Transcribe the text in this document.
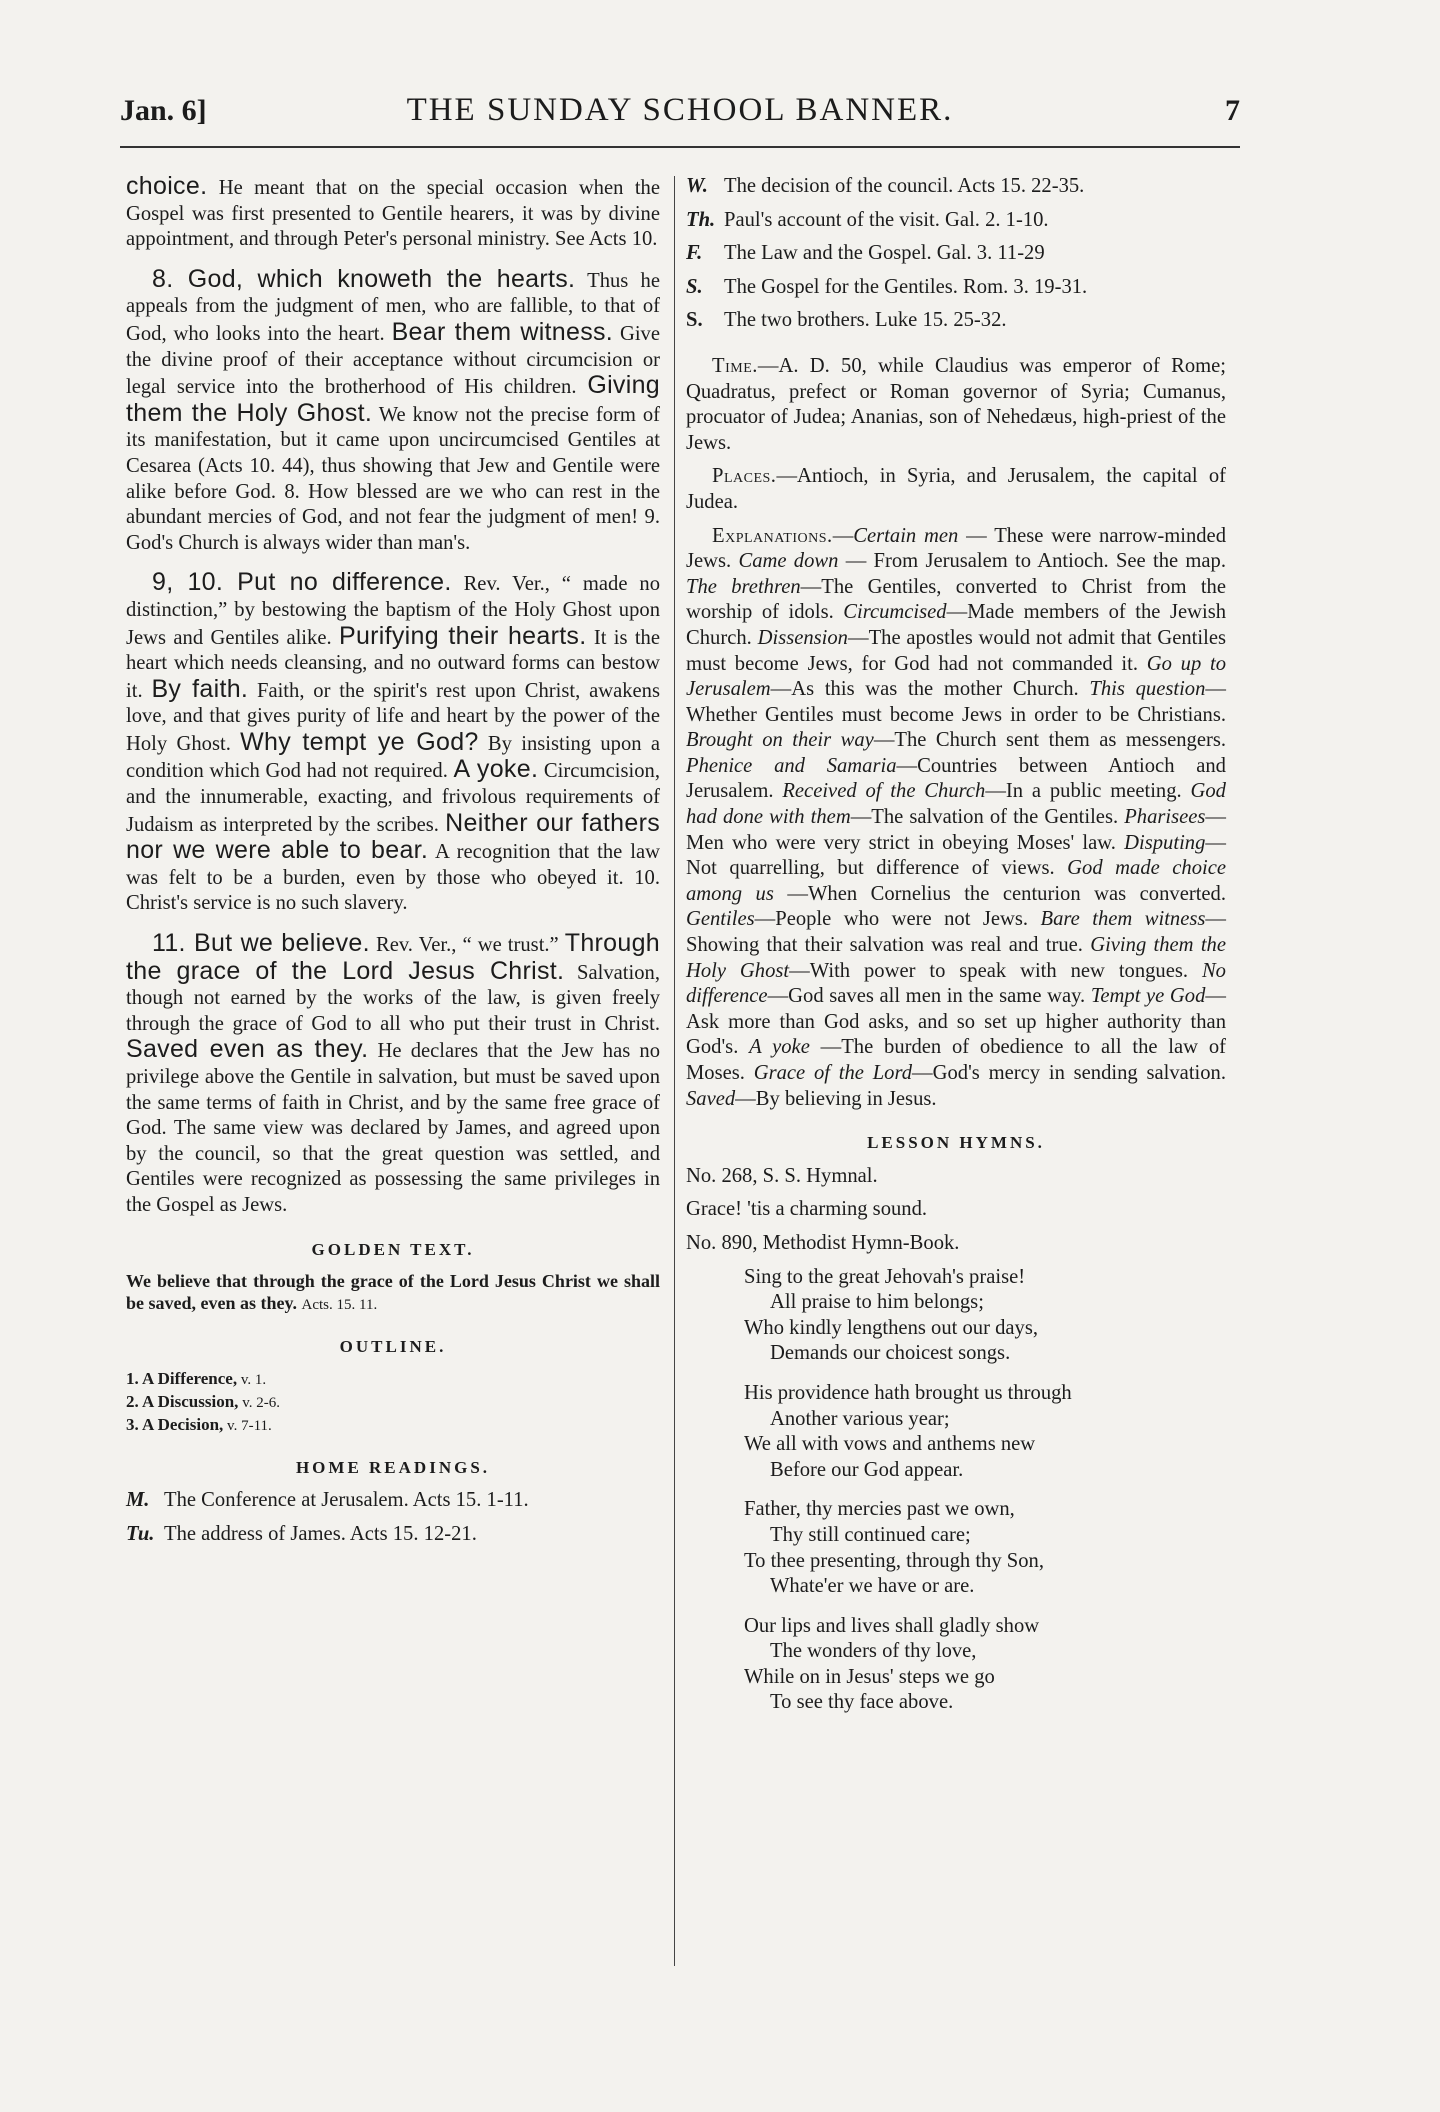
Jan. 6]	THE SUNDAY SCHOOL BANNER.	7

choice. He meant that on the special occasion when the Gospel was first presented to Gentile hearers, it was by divine appointment, and through Peter's personal ministry. See Acts 10.

8. God, which knoweth the hearts. Thus he appeals from the judgment of men, who are fallible, to that of God, who looks into the heart. Bear them witness. Give the divine proof of their acceptance without circumcision or legal service into the brotherhood of His children. Giving them the Holy Ghost. We know not the precise form of its manifestation, but it came upon uncircumcised Gentiles at Cesarea (Acts 10. 44), thus showing that Jew and Gentile were alike before God. 8. How blessed are we who can rest in the abundant mercies of God, and not fear the judgment of men! 9. God's Church is always wider than man's.

9, 10. Put no difference. Rev. Ver., “ made no distinction,” by bestowing the baptism of the Holy Ghost upon Jews and Gentiles alike. Purifying their hearts. It is the heart which needs cleansing, and no outward forms can bestow it. By faith. Faith, or the spirit's rest upon Christ, awakens love, and that gives purity of life and heart by the power of the Holy Ghost. Why tempt ye God? By insisting upon a condition which God had not required. A yoke. Circumcision, and the innumerable, exacting, and frivolous requirements of Judaism as interpreted by the scribes. Neither our fathers nor we were able to bear. A recognition that the law was felt to be a burden, even by those who obeyed it. 10. Christ's service is no such slavery.

11. But we believe. Rev. Ver., “ we trust.” Through the grace of the Lord Jesus Christ. Salvation, though not earned by the works of the law, is given freely through the grace of God to all who put their trust in Christ. Saved even as they. He declares that the Jew has no privilege above the Gentile in salvation, but must be saved upon the same terms of faith in Christ, and by the same free grace of God. The same view was declared by James, and agreed upon by the council, so that the great question was settled, and Gentiles were recognized as possessing the same privileges in the Gospel as Jews.

GOLDEN TEXT.

We believe that through the grace of the Lord Jesus Christ we shall be saved, even as they. Acts. 15. 11.

OUTLINE.
1. A Difference, v. 1.
2. A Discussion, v. 2-6.
3. A Decision, v. 7-11.
HOME READINGS.

M. The Conference at Jerusalem. Acts 15. 1-11.

Tu. The address of James. Acts 15. 12-21.

W. The decision of the council. Acts 15. 22-35.

Th. Paul's account of the visit. Gal. 2. 1-10.

F. The Law and the Gospel. Gal. 3. 11-29

S. The Gospel for the Gentiles. Rom. 3. 19-31.

S. The two brothers. Luke 15. 25-32.

Time.—A. D. 50, while Claudius was emperor of Rome; Quadratus, prefect or Roman governor of Syria; Cumanus, procuator of Judea; Ananias, son of Nehedæus, high-priest of the Jews.

Places.—Antioch, in Syria, and Jerusalem, the capital of Judea.

Explanations.—Certain men — These were narrow-minded Jews. Came down — From Jerusalem to Antioch. See the map. The brethren—The Gentiles, converted to Christ from the worship of idols. Circumcised—Made members of the Jewish Church. Dissension—The apostles would not admit that Gentiles must become Jews, for God had not commanded it. Go up to Jerusalem—As this was the mother Church. This question—Whether Gentiles must become Jews in order to be Christians. Brought on their way—The Church sent them as messengers. Phenice and Samaria—Countries between Antioch and Jerusalem. Received of the Church—In a public meeting. God had done with them—The salvation of the Gentiles. Pharisees—Men who were very strict in obeying Moses' law. Disputing—Not quarrelling, but difference of views. God made choice among us —When Cornelius the centurion was converted. Gentiles—People who were not Jews. Bare them witness—Showing that their salvation was real and true. Giving them the Holy Ghost—With power to speak with new tongues. No difference—God saves all men in the same way. Tempt ye God—Ask more than God asks, and so set up higher authority than God's. A yoke —The burden of obedience to all the law of Moses. Grace of the Lord—God's mercy in sending salvation. Saved—By believing in Jesus.

LESSON HYMNS.

No. 268, S. S. Hymnal.

Grace! 'tis a charming sound.

No. 890, Methodist Hymn-Book.

Sing to the great Jehovah's praise!
All praise to him belongs;
Who kindly lengthens out our days,
Demands our choicest songs.
His providence hath brought us through
Another various year;
We all with vows and anthems new
Before our God appear.
Father, thy mercies past we own,
Thy still continued care;
To thee presenting, through thy Son,
Whate'er we have or are.
Our lips and lives shall gladly show
The wonders of thy love,
While on in Jesus' steps we go
To see thy face above.
